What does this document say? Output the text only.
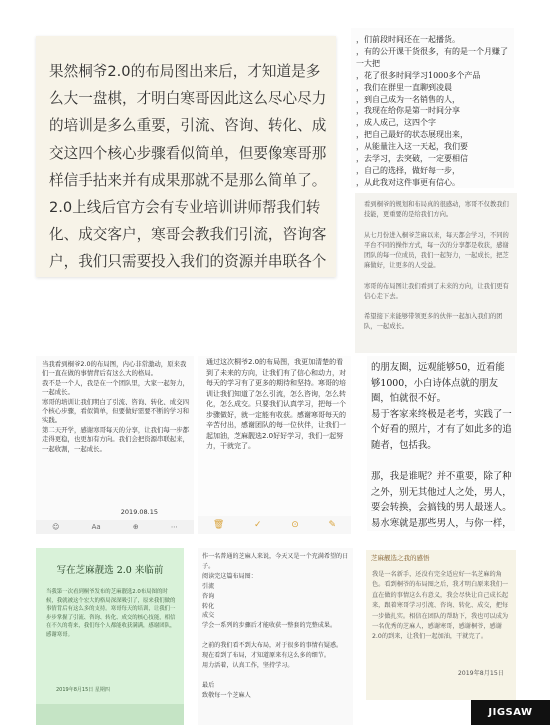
果然桐爷2.0的布局图出来后，才知道是多么大一盘棋，才明白寒哥因此这么尽心尽力的培训是多么重要，引流、咨询、转化、成交这四个核心步骤看似简单，但要像寒哥那样信手拈来并有成果那就不是那么简单了。2.0上线后官方会有专业培训讲师帮我们转化、成交客户，寒哥会教我们引流，咨询客户，我们只需要投入我们的资源并串联各个
，们前段时间还在一起播货。
，有的公开课干货很多，有的是一个月赚了一大把
，花了很多时间学习1000多个产品
，我们在群里一直聊到凌晨
，到自己成为一名销售的人，
，我现在给你是第一时间分享
，成人成己，这四个字
，把自己最好的状态展现出来，
，从能量注入这一天起，我们要
，去学习，去突破，一定要相信
，自己的选择，做好每一步，
，从此我对这件事更有信心。
看到桐爷的规划和布局真的很感动，寒哥不仅教我们技能，更重要的是给我们方向。

从七月份进入桐爷芝麻以来，每天都会学习，不同的平台不同的操作方式，每一次的分享都是收获，感谢团队的每一位成员，我们一起努力，一起成长，把芝麻做好，让更多的人受益。

寒哥的布局图让我们看到了未来的方向，让我们更有信心走下去。

希望接下来能够带领更多的伙伴一起加入我们的团队，一起成长。
当我看到桐爷2.0的布局图，内心非常激动，原来我们一直在做的事情背后有这么大的格局。
我不是一个人，我是在一个团队里，大家一起努力，一起成长。
寒哥的培训让我们明白了引流、咨询、转化、成交四个核心步骤，看似简单，但要做好需要不断的学习和实践。
第二天开学，感谢寒哥每天的分享，让我们每一步都走得更稳，也更加有方向。我们会把资源串联起来，一起收割，一起成长。
2019.08.15
☺	Aa	⊕	⋯
通过这次桐爷2.0的布局图，我更加清楚的看到了未来的方向，让我们有了信心和动力，对每天的学习有了更多的期待和坚持。寒哥的培训让我们知道了怎么引流，怎么咨询，怎么转化，怎么成交。只要我们认真学习，把每一个步骤做好，就一定能有收获。感谢寒哥每天的辛苦付出，感谢团队的每一位伙伴，让我们一起加油，芝麻靓选2.0好好学习，我们一起努力，干就完了。
🗑	✓	⊙	✎
的朋友圈，远观能够50，近看能够1000，小白诗体点就的朋友圈，怕就很不好。
易于客家来终极是老考，实践了一个好看的照片，才有了如此多的追随者，包括我。

那，我是谁呢？并不重要，除了种之外，别无其他过人之处，男人，要会转换，会搞钱的男人最迷人。易水寒就是那些男人，与你一样，
写在芝麻靓选 2.0 来临前
当我第一次看到桐爷发布的芝麻靓选2.0布局图的时候，我就被这个宏大的格局深深吸引了，原来我们做的事情背后有这么多的支持。寒哥每天的培训，让我们一步步掌握了引流、咨询、转化、成交的核心技能，相信在不久的将来，我们每个人都能收获满满，感谢团队，感谢寒哥。
2019年8月15日 星期四

作一名普通的芝麻人来说，今天又是一个充满希望的日子。

阅读完这篇布局图：

引流

咨询

转化

成交

学会一系列的步骤后才能收获一整套的完整成果。

之前的我们看不到大布局，对于很多的事情有疑惑。

现在看到了布局，才知道原来有这么多的细节。

用力活着，认真工作，坚持学习。

最后

致敬每一个芝麻人

芝麻靓选之我的感悟
我是一名新手，还没有完全适应好一名芝麻的角色。看到桐爷的布局图之后，我才明白原来我们一直在做的事情这么有意义，我会尽快让自己成长起来，跟着寒哥学习引流、咨询、转化、成交，把每一步做扎实。相信在团队的帮助下，我也可以成为一名优秀的芝麻人，感谢寒哥，感谢桐爷，感谢2.0的到来，让我们一起加油，干就完了。
2019年8月15日
JIGSAW
